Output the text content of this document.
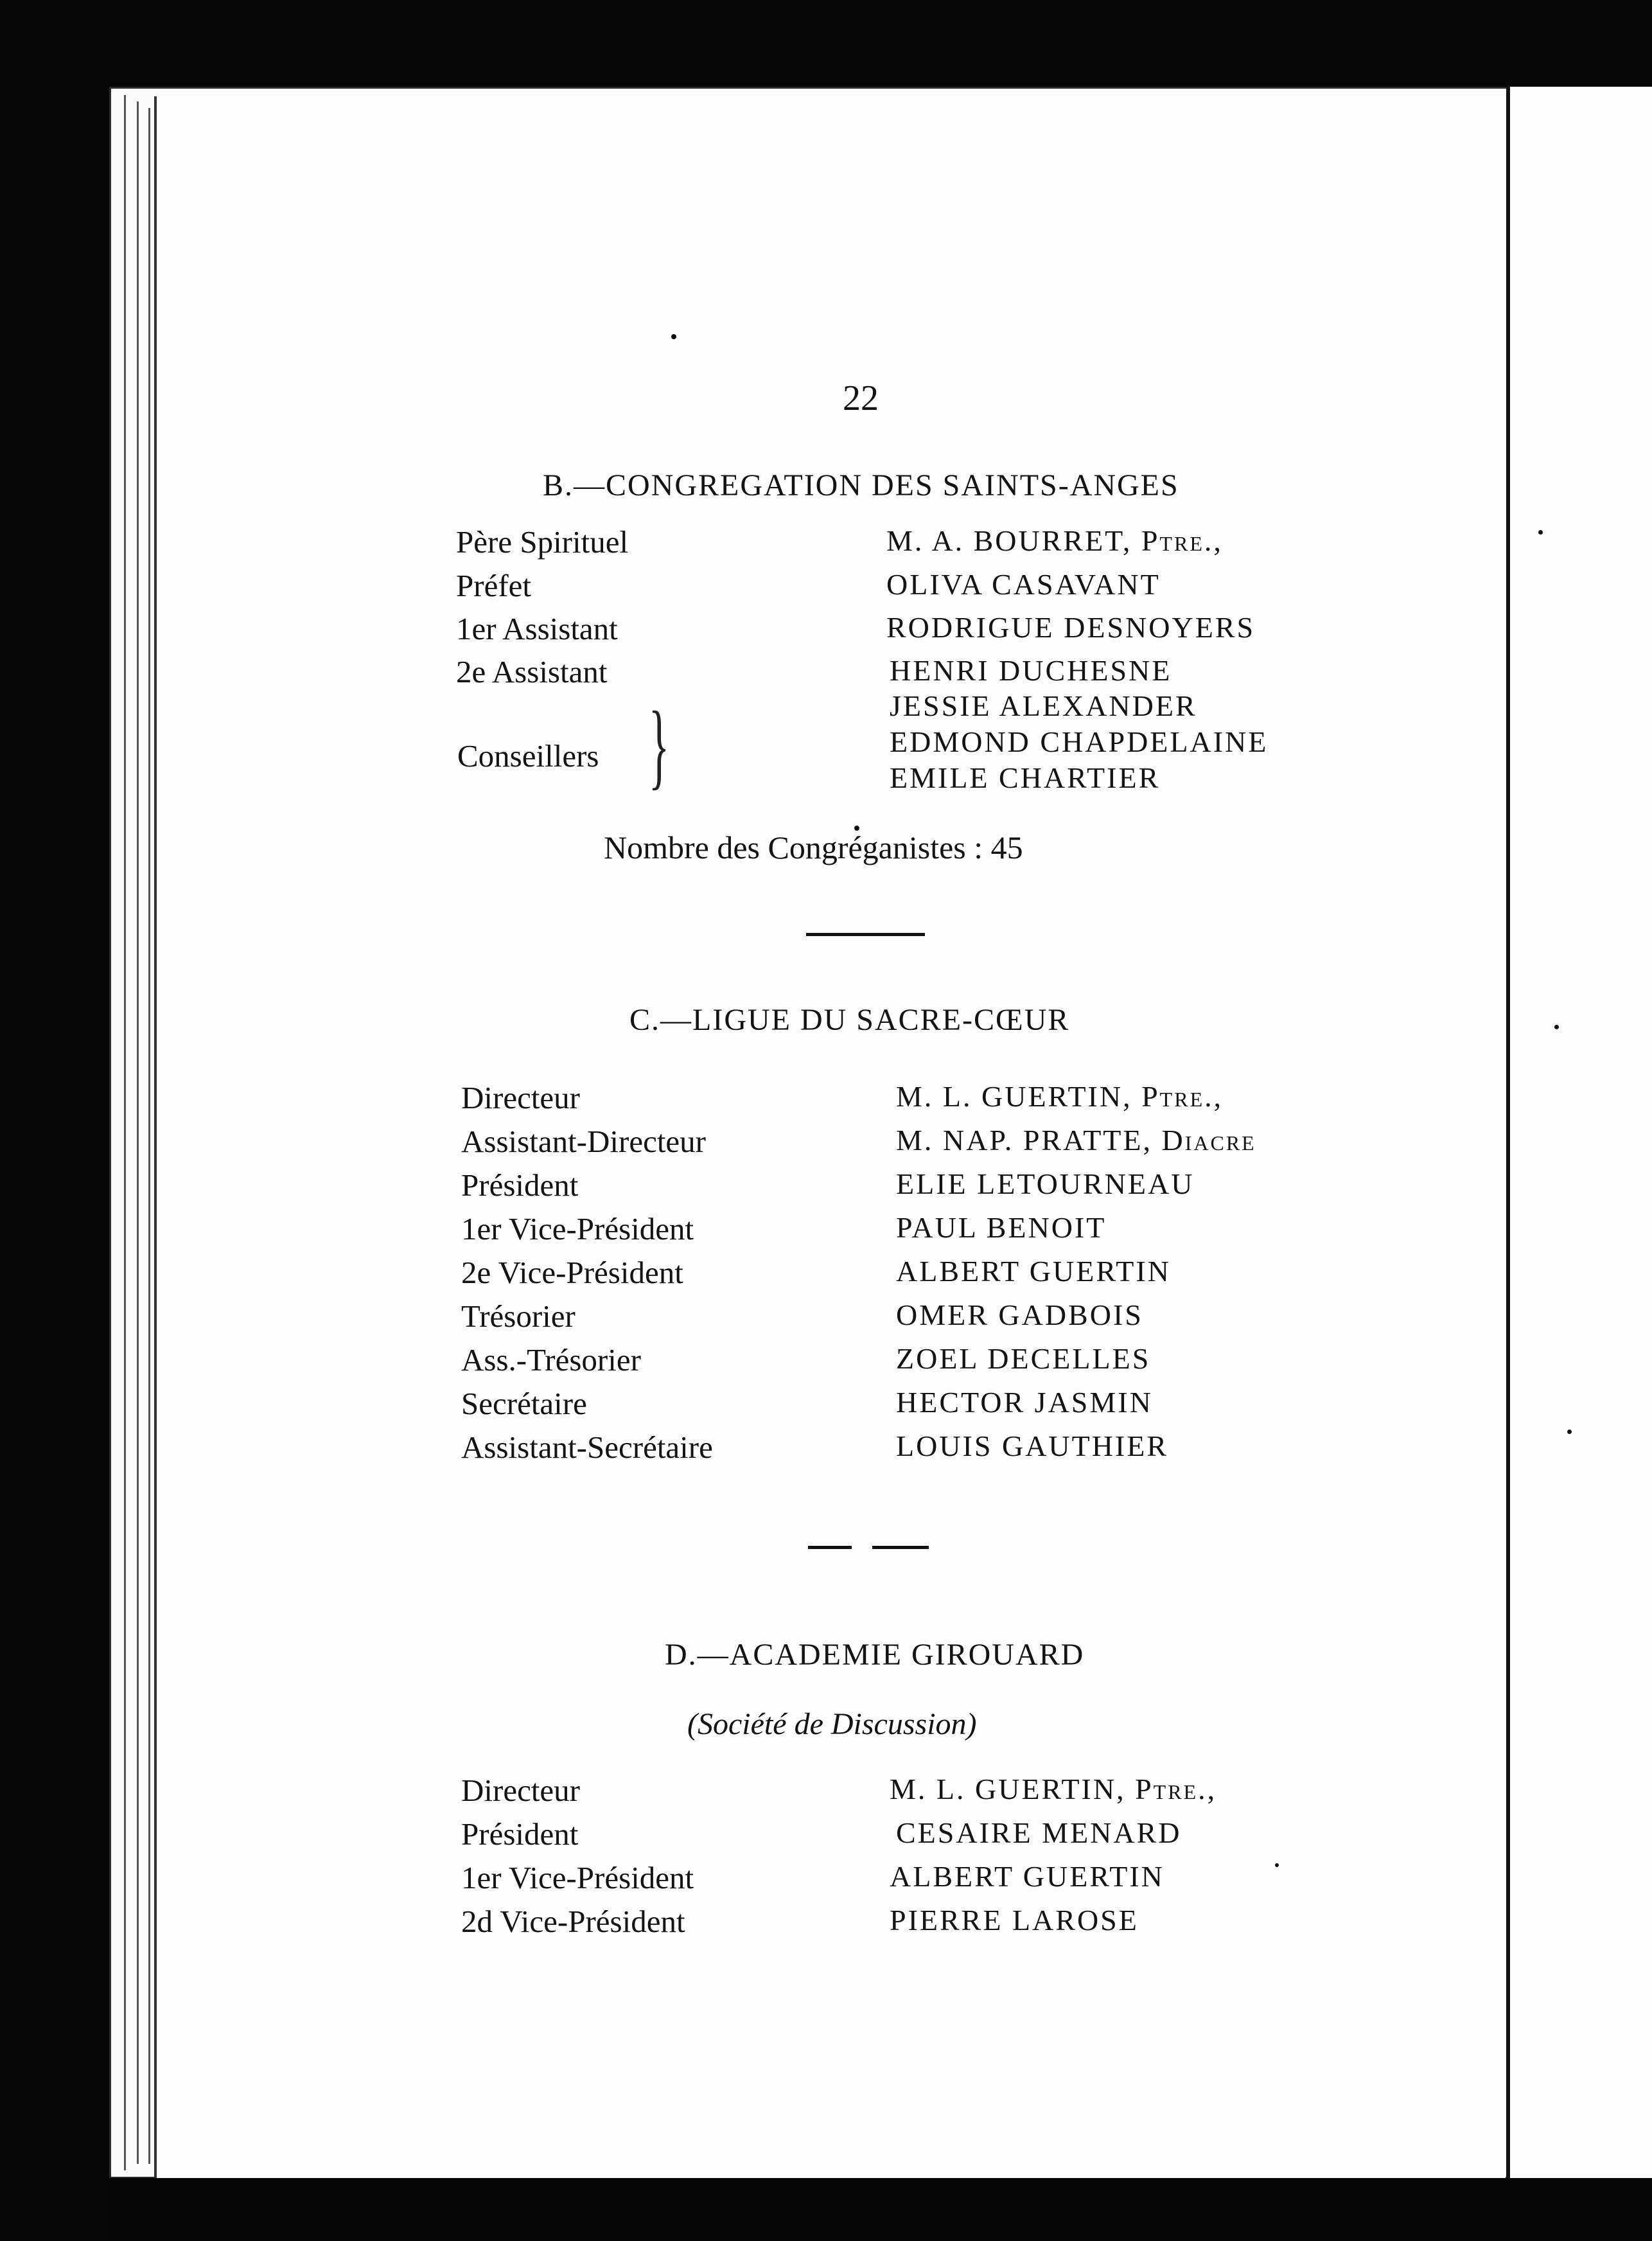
22
B.—CONGREGATION DES SAINTS-ANGES
Père Spirituel	M. A. BOURRET, Ptre.,
Préfet	OLIVA CASAVANT
1er Assistant	RODRIGUE DESNOYERS
2e Assistant	HENRI DUCHESNE
Conseillers }	JESSIE ALEXANDER
EDMOND CHAPDELAINE
EMILE CHARTIER
Nombre des Congréganistes : 45
C.—LIGUE DU SACRE-CŒUR
Directeur	M. L. GUERTIN, Ptre.,
Assistant-Directeur	M. NAP. PRATTE, Diacre
Président	ELIE LETOURNEAU
1er Vice-Président	PAUL BENOIT
2e Vice-Président	ALBERT GUERTIN
Trésorier	OMER GADBOIS
Ass.-Trésorier	ZOEL DECELLES
Secrétaire	HECTOR JASMIN
Assistant-Secrétaire	LOUIS GAUTHIER
D.—ACADEMIE GIROUARD
(Société de Discussion)
Directeur	M. L. GUERTIN, Ptre.,
Président	CESAIRE MENARD
1er Vice-Président	ALBERT GUERTIN
2d Vice-Président	PIERRE LAROSE
